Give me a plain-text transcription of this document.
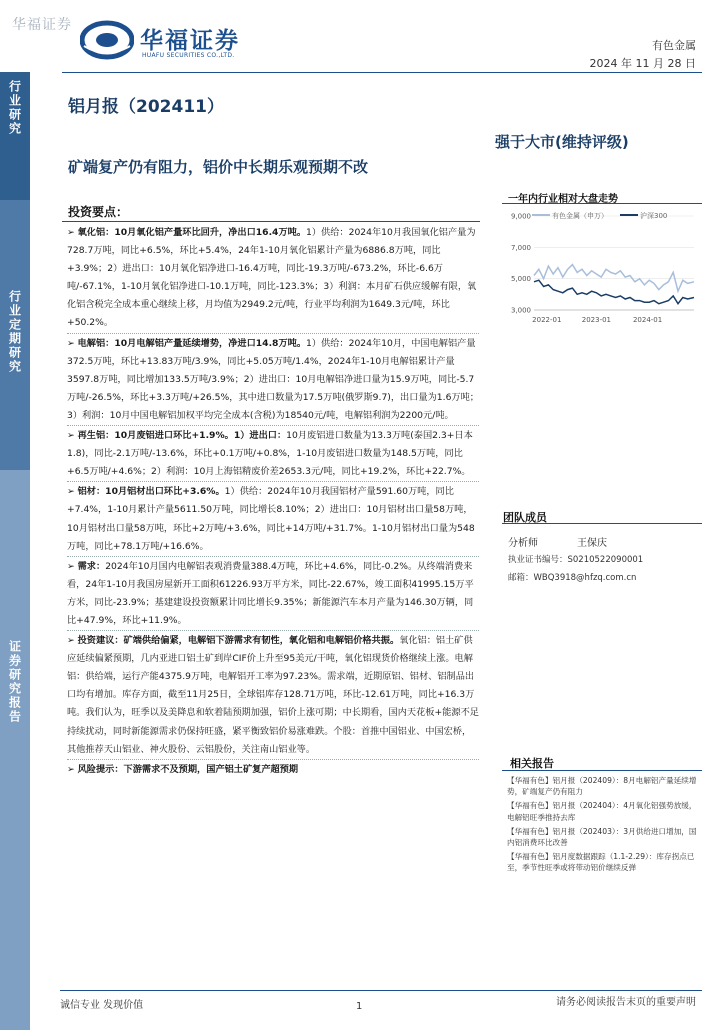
行业研究
行业定期研究
证券研究报告
华福证券
华福证券
HUAFU SECURITIES CO.,LTD.
有色金属
2024 年 11 月 28 日
铝月报（202411）
强于大市(维持评级)
矿端复产仍有阻力，铝价中长期乐观预期不改
投资要点：
➢ 氧化铝：10月氧化铝产量环比回升，净出口16.4万吨。1）供给：2024年10月我国氧化铝产量为728.7万吨，同比+6.5%，环比+5.4%，24年1-10月氧化铝累计产量为6886.8万吨，同比+3.9%；2）进出口：10月氧化铝净进口-16.4万吨，同比-19.3万吨/-673.2%，环比-6.6万吨/-67.1%，1-10月氧化铝净进口-10.1万吨，同比-123.3%；3）利润：本月矿石供应缓解有限，氧化铝含税完全成本重心继续上移，月均值为2949.2元/吨，行业平均利润为1649.3元/吨，环比+50.2%。
➢ 电解铝：10月电解铝产量延续增势，净进口14.8万吨。1）供给：2024年10月，中国电解铝产量372.5万吨，环比+13.83万吨/3.9%，同比+5.05万吨/1.4%，2024年1-10月电解铝累计产量3597.8万吨，同比增加133.5万吨/3.9%；2）进出口：10月电解铝净进口量为15.9万吨，同比-5.7万吨/-26.5%，环比+3.3万吨/+26.5%，其中进口数量为17.5万吨(俄罗斯9.7)，出口量为1.6万吨；3）利润：10月中国电解铝加权平均完全成本(含税)为18540元/吨，电解铝利润为2200元/吨。
➢ 再生铝：10月废铝进口环比+1.9%。1）进出口：10月废铝进口数量为13.3万吨(泰国2.3+日本1.8)，同比-2.1万吨/-13.6%，环比+0.1万吨/+0.8%，1-10月废铝进口数量为148.5万吨，同比+6.5万吨/+4.6%；2）利润：10月上海铝精废价差2653.3元/吨，同比+19.2%，环比+22.7%。
➢ 铝材：10月铝材出口环比+3.6%。1）供给：2024年10月我国铝材产量591.60万吨，同比+7.4%，1-10月累计产量5611.50万吨，同比增长8.10%；2）进出口：10月铝材出口量58万吨，10月铝材出口量58万吨，环比+2万吨/+3.6%，同比+14万吨/+31.7%。1-10月铝材出口量为548万吨，同比+78.1万吨/+16.6%。
➢ 需求：2024年10月国内电解铝表观消费量388.4万吨，环比+4.6%，同比-0.2%。从终端消费来看，24年1-10月我国房屋新开工面积61226.93万平方米，同比-22.67%，竣工面积41995.15万平方米，同比-23.9%；基建建设投资额累计同比增长9.35%；新能源汽车本月产量为146.30万辆，同比+47.9%，环比+11.9%。
➢ 投资建议：矿端供给偏紧，电解铝下游需求有韧性，氧化铝和电解铝价格共振。氧化铝：铝土矿供应延续偏紧预期，几内亚进口铝土矿到岸CIF价上升至95美元/干吨，氧化铝现货价格继续上涨。电解铝：供给端，运行产能4375.9万吨，电解铝开工率为97.23%。需求端，近期原铝、铝材、铝制品出口均有增加。库存方面，截至11月25日，全球铝库存128.71万吨，环比-12.61万吨，同比+16.3万吨。我们认为，旺季以及美降息和软着陆预期加强，铝价上涨可期；中长期看，国内天花板+能源不足持续扰动，同时新能源需求仍保持旺盛，紧平衡致铝价易涨难跌。个股：首推中国铝业、中国宏桥，其他推荐天山铝业、神火股份、云铝股份，关注南山铝业等。
➢ 风险提示：下游需求不及预期，国产铝土矿复产超预期
一年内行业相对大盘走势
有色金属（申万）	沪深300
9,000
7,000
5,000
3,000
2022-01	2023-01	2024-01
团队成员
分析师	王保庆
执业证书编号：S0210522090001
邮箱：WBQ3918@hfzq.com.cn
相关报告
【华福有色】铝月报（202409）：8月电解铝产量延续增势，矿端复产仍有阻力
【华福有色】铝月报（202404）：4月氧化铝强势放缓，电解铝旺季推持去库
【华福有色】铝月报（202403）：3月供给进口增加，国内铝消费环比改善
【华福有色】铝月度数据跟踪（1.1-2.29）：库存拐点已至，季节性旺季或将带动铝价继续反弹
诚信专业 发现价值	1	请务必阅读报告末页的重要声明
